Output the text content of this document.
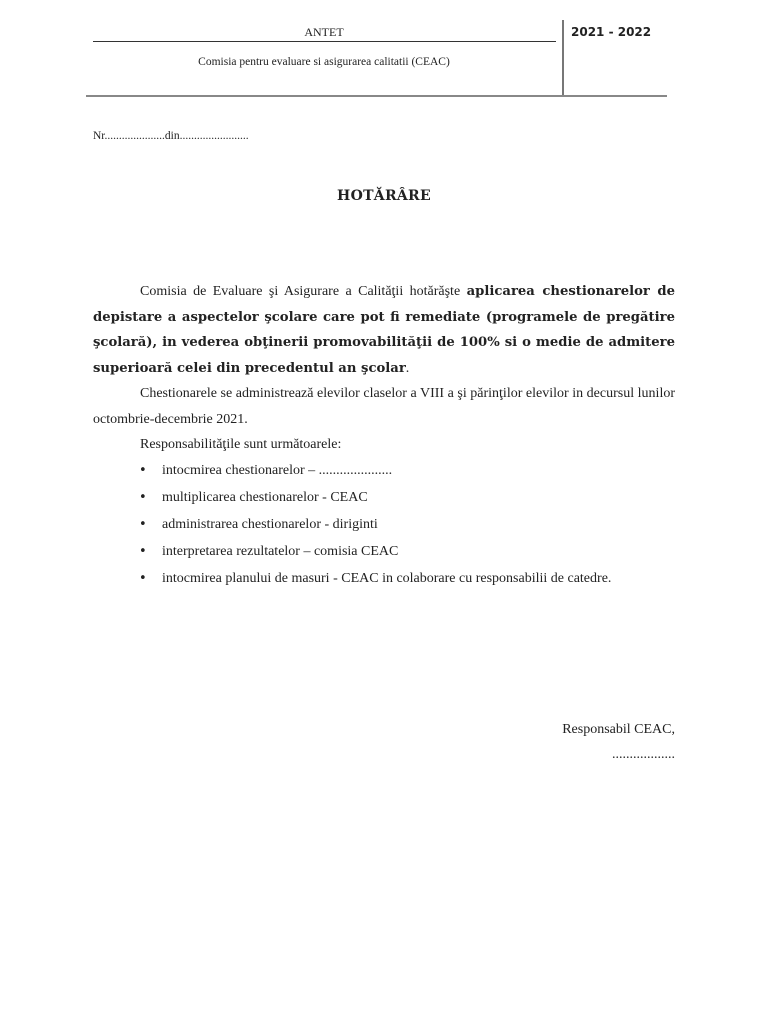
ANTET
Comisia pentru evaluare si asigurarea calitatii (CEAC)
2021 - 2022
Nr.....................din........................
HOTĂRÂRE

Comisia de Evaluare şi Asigurare a Calităţii hotărăşte aplicarea chestionarelor de depistare a aspectelor şcolare care pot fi remediate (programele de pregătire şcolară), in vederea obţinerii promovabilităţii de 100% si o medie de admitere superioară celei din precedentul an şcolar.

Chestionarele se administrează elevilor claselor a VIII a şi părinţilor elevilor in decursul lunilor octombrie-decembrie 2021.

Responsabilităţile sunt următoarele:
• intocmirea chestionarelor – .....................
• multiplicarea chestionarelor - CEAC
• administrarea chestionarelor - diriginti
• interpretarea rezultatelor – comisia CEAC
• intocmirea planului de masuri - CEAC in colaborare cu responsabilii de catedre.
Responsabil CEAC,
..................
